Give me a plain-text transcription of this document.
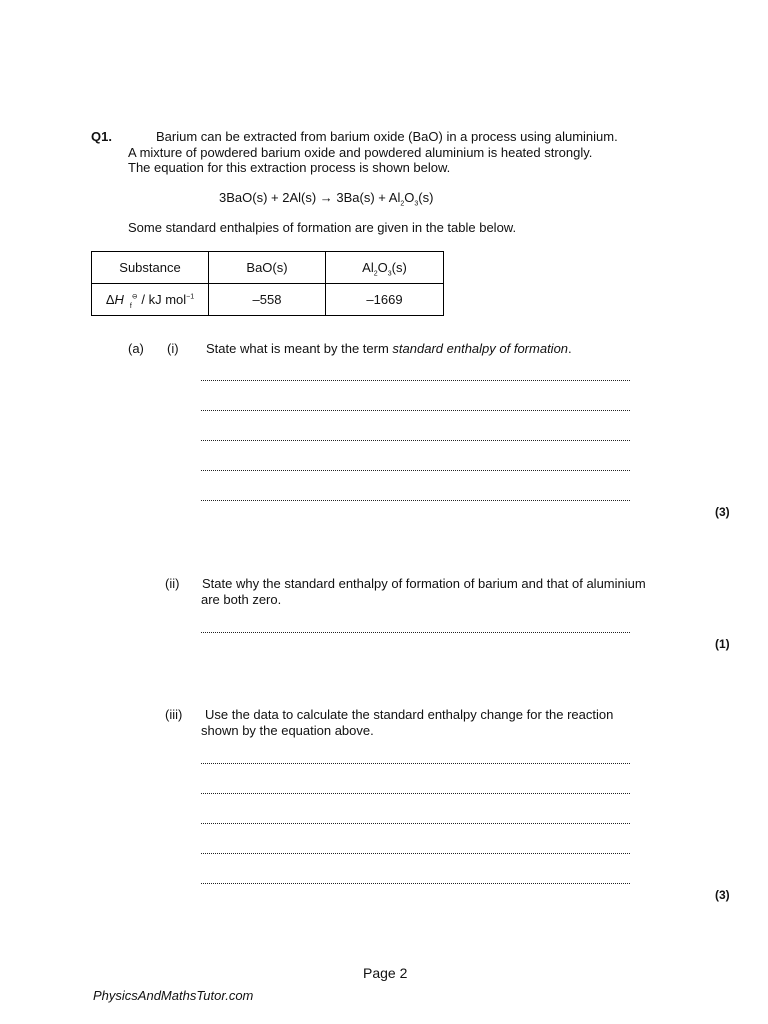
Q1.	Barium can be extracted from barium oxide (BaO) in a process using aluminium.
A mixture of powdered barium oxide and powdered aluminium is heated strongly.
The equation for this extraction process is shown below.
$3BaO(s) + 2Al(s) \to 3Ba(s) + Al_2O_3(s)$
Some standard enthalpies of formation are given in the table below.
Substance	BaO(s)	$Al_2O_3(s)$
ΔH $_f$⊖ / kJ mol$^{-1}$	–558	–1669
(a) (i) State what is meant by the term standard enthalpy of formation.
(3)
(ii) State why the standard enthalpy of formation of barium and that of aluminium
are both zero.
(1)
(iii) Use the data to calculate the standard enthalpy change for the reaction
shown by the equation above.
(3)
Page 2
PhysicsAndMathsTutor.com
